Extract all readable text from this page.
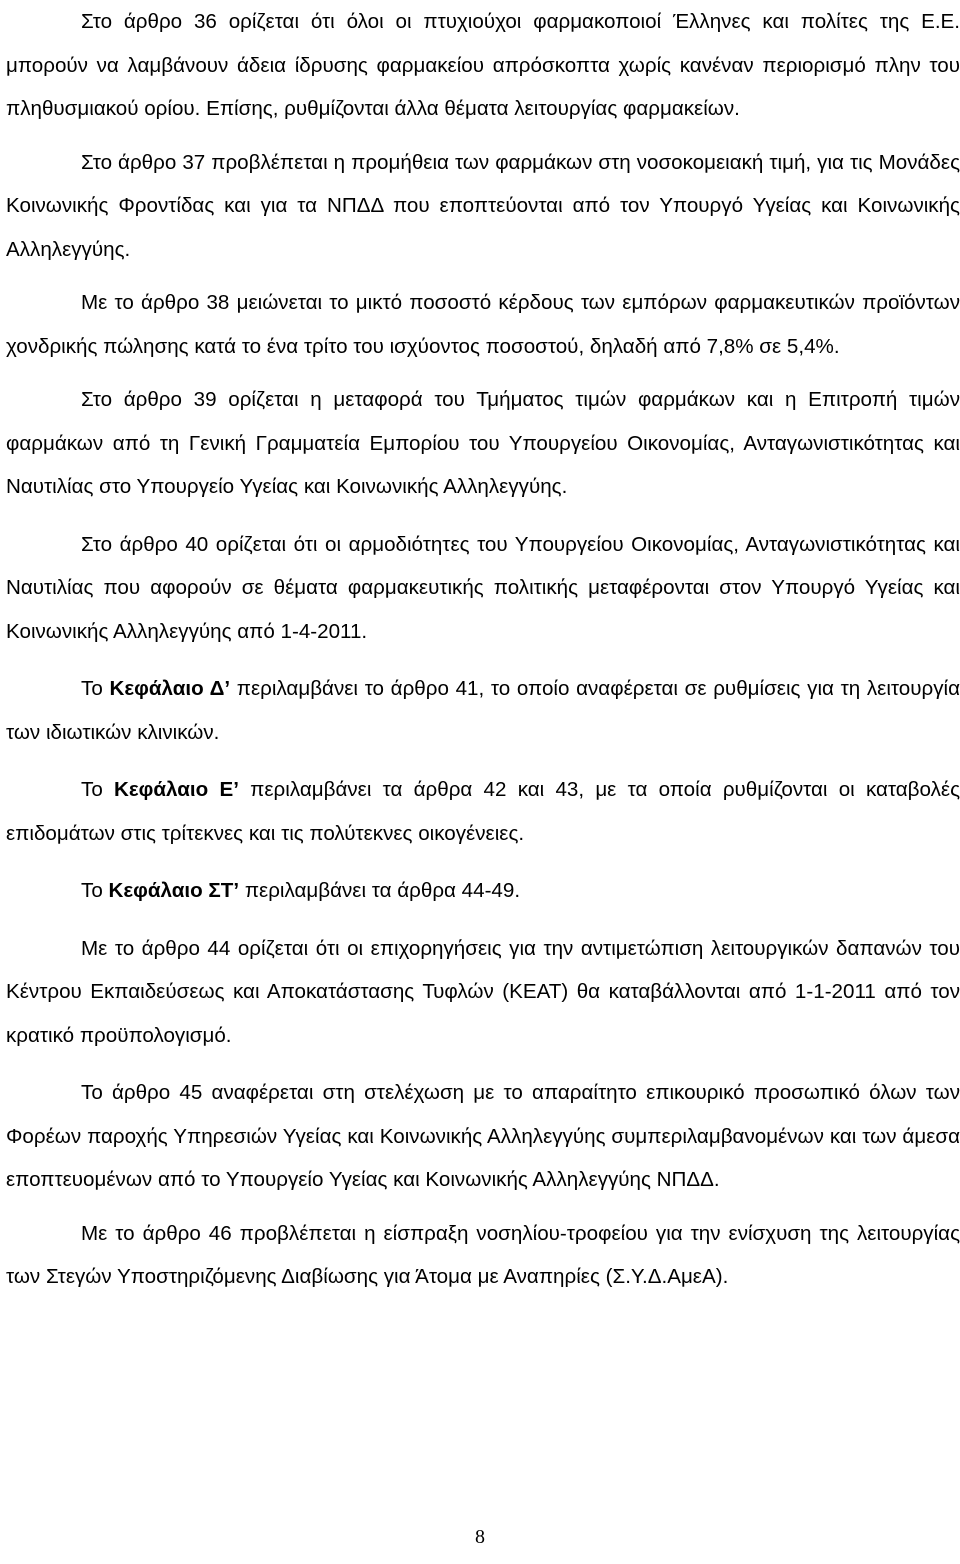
Στο άρθρο 36 ορίζεται ότι όλοι οι πτυχιούχοι φαρμακοποιοί Έλληνες και πολίτες της Ε.Ε. μπορούν να λαμβάνουν άδεια ίδρυσης φαρμακείου απρόσκοπτα χωρίς κανέναν περιορισμό πλην του πληθυσμιακού ορίου. Επίσης, ρυθμίζονται άλλα θέματα λειτουργίας φαρμακείων.

Στο άρθρο 37 προβλέπεται η προμήθεια των φαρμάκων στη νοσοκομειακή τιμή, για τις Μονάδες Κοινωνικής Φροντίδας και για τα ΝΠΔΔ που εποπτεύονται από τον Υπουργό Υγείας και Κοινωνικής Αλληλεγγύης.

Με το άρθρο 38 μειώνεται το μικτό ποσοστό κέρδους των εμπόρων φαρμακευτικών προϊόντων χονδρικής πώλησης κατά το ένα τρίτο του ισχύοντος ποσοστού, δηλαδή από 7,8% σε 5,4%.

Στο άρθρο 39 ορίζεται η μεταφορά του Τμήματος τιμών φαρμάκων και η Επιτροπή τιμών φαρμάκων από τη Γενική Γραμματεία Εμπορίου του Υπουργείου Οικονομίας, Ανταγωνιστικότητας και Ναυτιλίας στο Υπουργείο Υγείας και Κοινωνικής Αλληλεγγύης.

Στο άρθρο 40 ορίζεται ότι οι αρμοδιότητες του Υπουργείου Οικονομίας, Ανταγωνιστικότητας και Ναυτιλίας που αφορούν σε θέματα φαρμακευτικής πολιτικής μεταφέρονται στον Υπουργό Υγείας και Κοινωνικής Αλληλεγγύης από 1-4-2011.

Το Κεφάλαιο Δ’ περιλαμβάνει το άρθρο 41, το οποίο αναφέρεται σε ρυθμίσεις για τη λειτουργία των ιδιωτικών κλινικών.

Το Κεφάλαιο Ε’ περιλαμβάνει τα άρθρα 42 και 43, με τα οποία ρυθμίζονται οι καταβολές επιδομάτων στις τρίτεκνες και τις πολύτεκνες οικογένειες.

Το Κεφάλαιο ΣΤ’ περιλαμβάνει τα άρθρα 44-49.

Με το άρθρο 44 ορίζεται ότι οι επιχορηγήσεις για την αντιμετώπιση λειτουργικών δαπανών του Κέντρου Εκπαιδεύσεως και Αποκατάστασης Τυφλών (ΚΕΑΤ) θα καταβάλλονται από 1-1-2011 από τον κρατικό προϋπολογισμό.

Το άρθρο 45 αναφέρεται στη στελέχωση με το απαραίτητο επικουρικό προσωπικό όλων των Φορέων παροχής Υπηρεσιών Υγείας και Κοινωνικής Αλληλεγγύης συμπεριλαμβανομένων και των άμεσα εποπτευομένων από το Υπουργείο Υγείας και Κοινωνικής Αλληλεγγύης ΝΠΔΔ.

Με το άρθρο 46 προβλέπεται η είσπραξη νοσηλίου-τροφείου για την ενίσχυση της λειτουργίας των Στεγών Υποστηριζόμενης Διαβίωσης για Άτομα με Αναπηρίες (Σ.Υ.Δ.ΑμεΑ).

8
